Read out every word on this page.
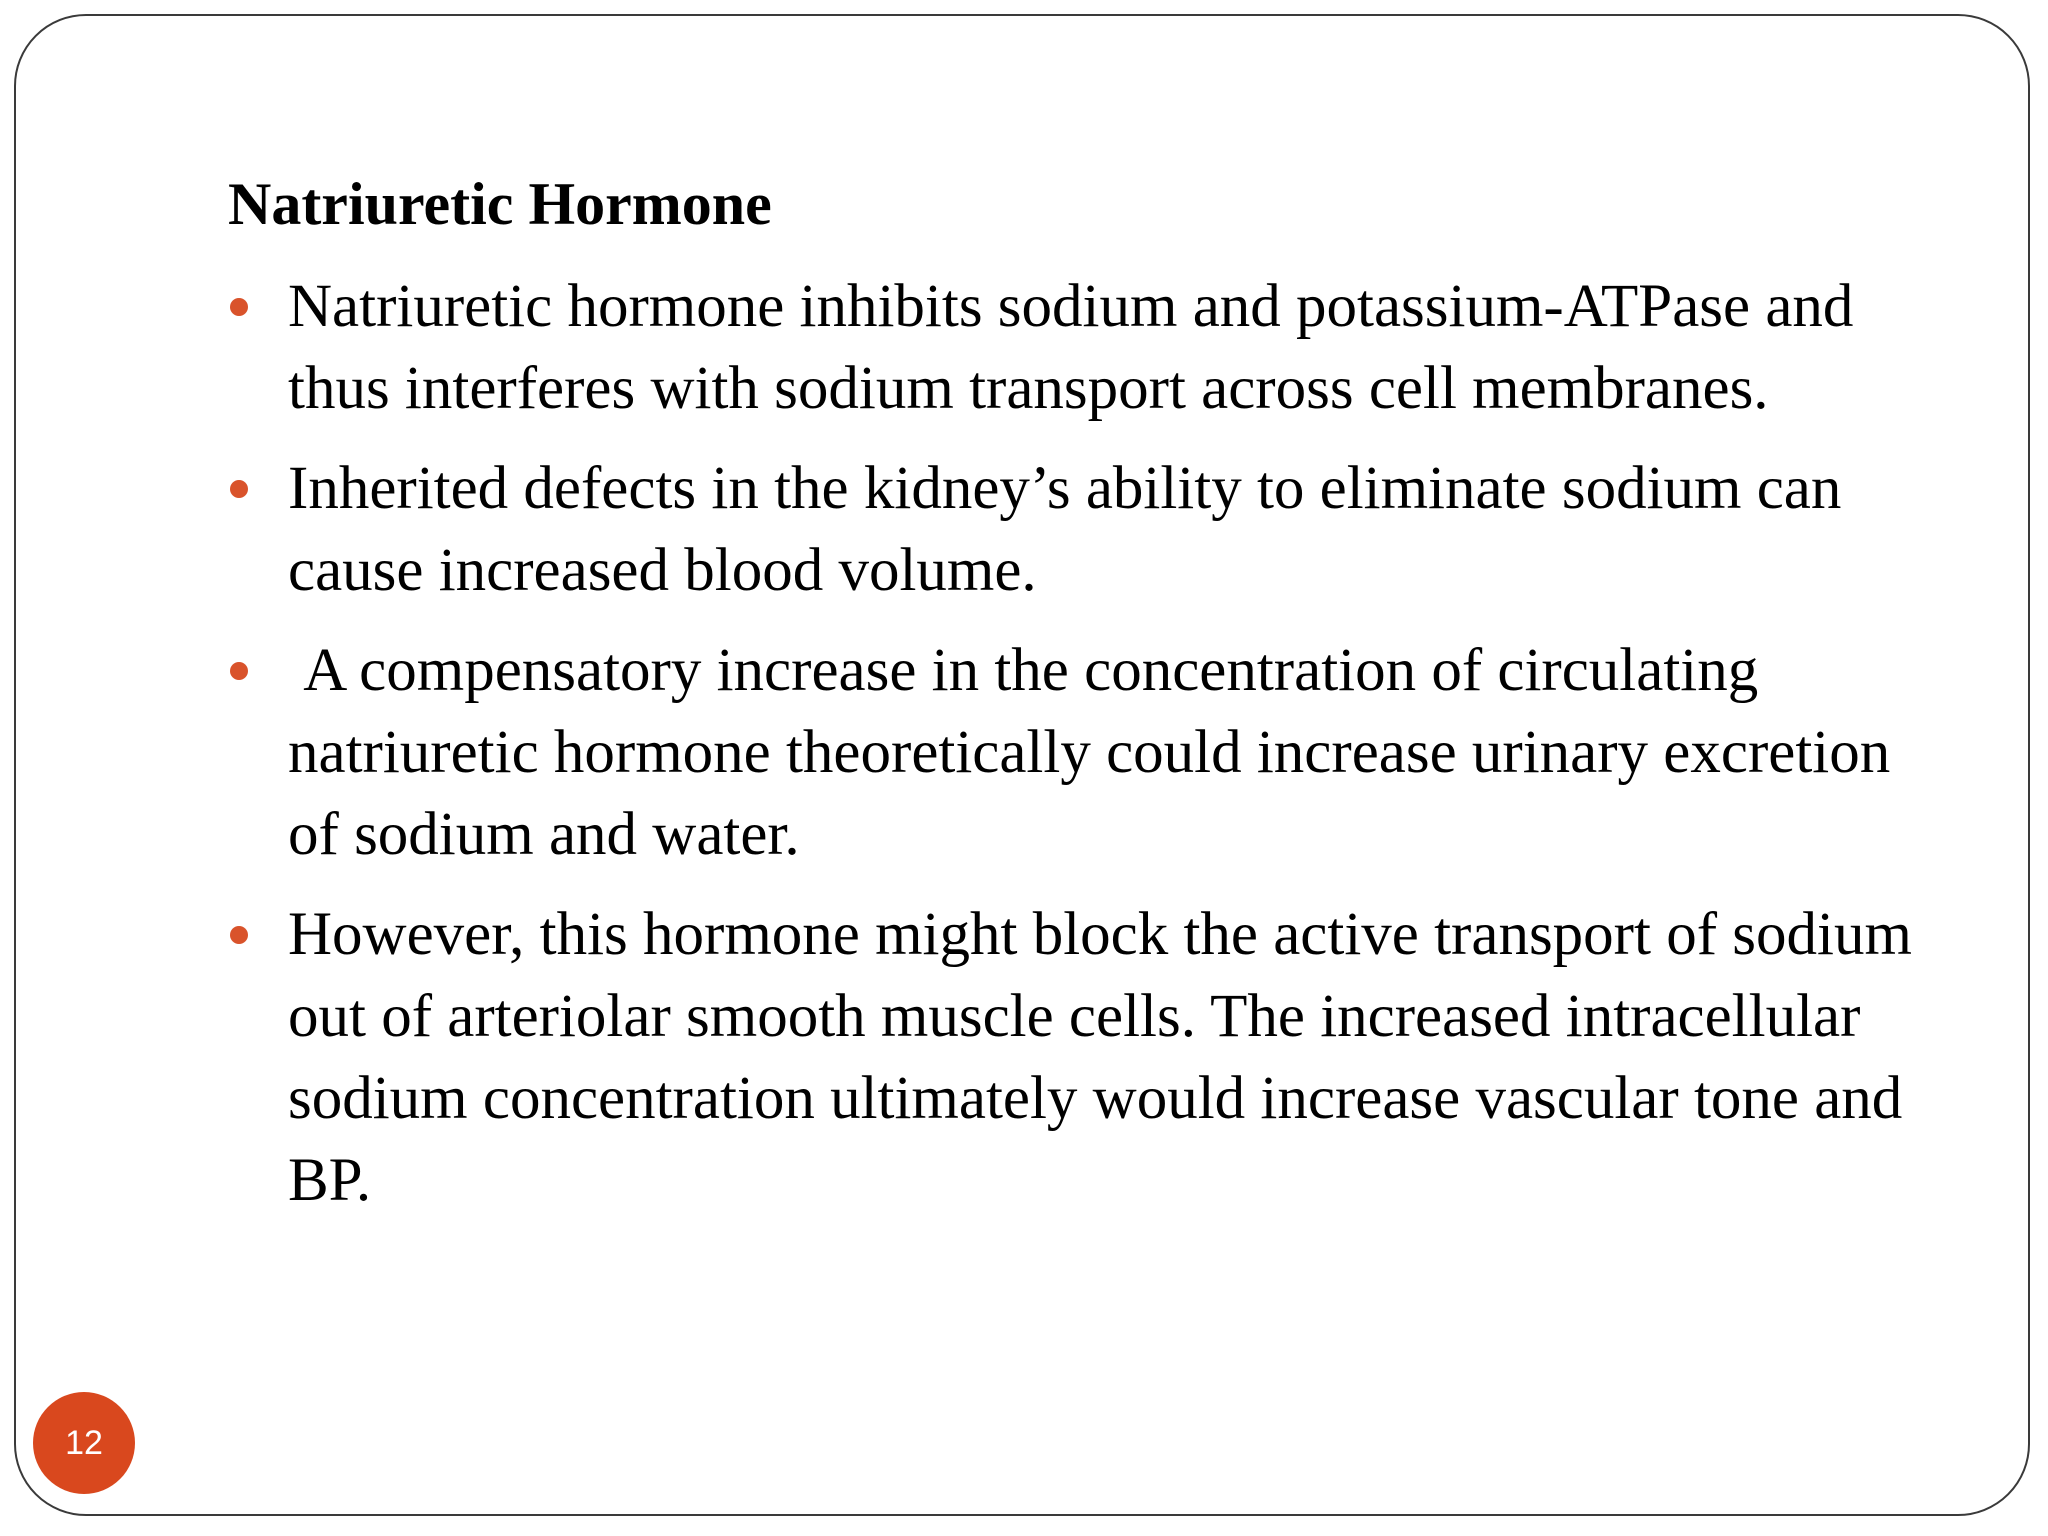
Natriuretic Hormone
Natriuretic hormone inhibits sodium and potassium-ATPase and thus interferes with sodium transport across cell membranes.
Inherited defects in the kidney’s ability to eliminate sodium can cause increased blood volume.
A compensatory increase in the concentration of circulating natriuretic hormone theoretically could increase urinary excretion of sodium and water.
However, this hormone might block the active transport of sodium out of arteriolar smooth muscle cells. The increased intracellular sodium concentration ultimately would increase vascular tone and BP.
12
